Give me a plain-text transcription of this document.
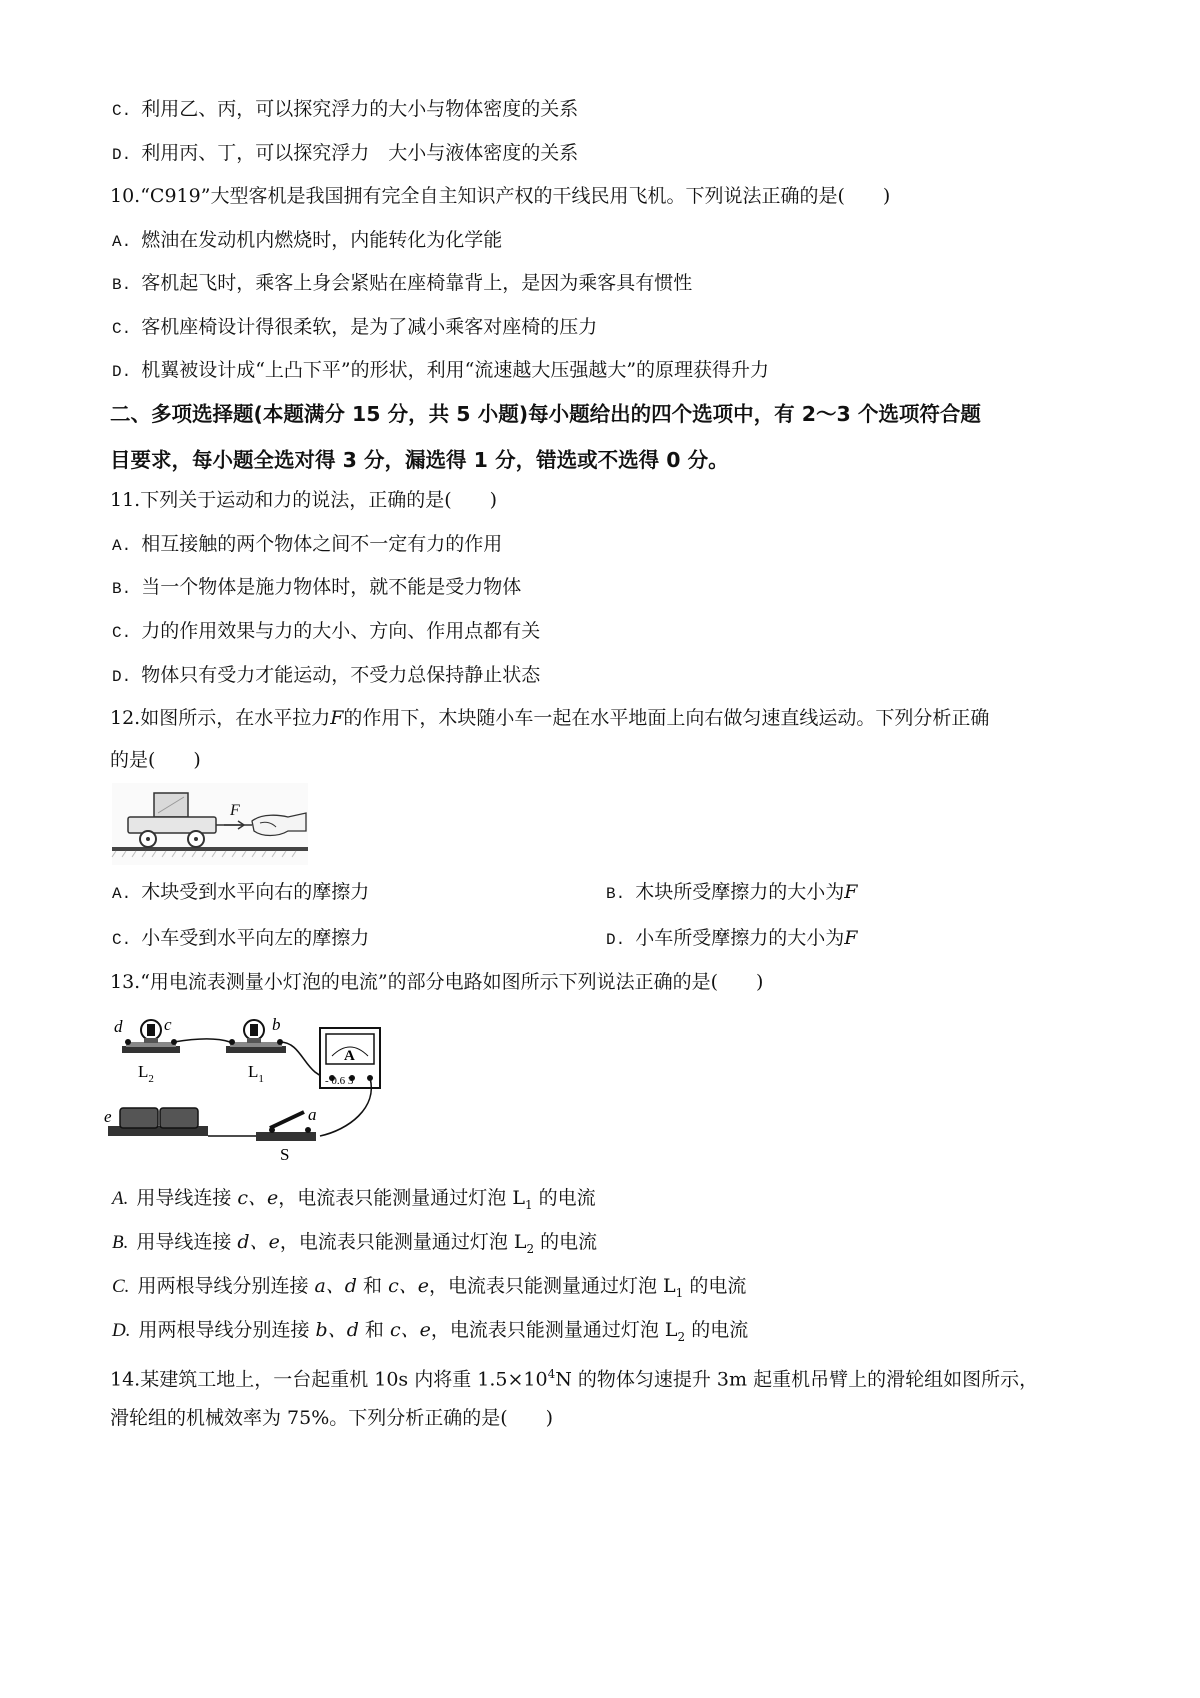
C. 利用乙、丙，可以探究浮力的大小与物体密度的关系
D. 利用丙、丁，可以探究浮力　大小与液体密度的关系
10.“C919”大型客机是我国拥有完全自主知识产权的干线民用飞机。下列说法正确的是(　　)
A. 燃油在发动机内燃烧时，内能转化为化学能
B. 客机起飞时，乘客上身会紧贴在座椅靠背上，是因为乘客具有惯性
C. 客机座椅设计得很柔软，是为了减小乘客对座椅的压力
D. 机翼被设计成“上凸下平”的形状，利用“流速越大压强越大”的原理获得升力
二、多项选择题(本题满分 15 分，共 5 小题)每小题给出的四个选项中，有 2～3 个选项符合题
目要求，每小题全选对得 3 分，漏选得 1 分，错选或不选得 0 分。
11.下列关于运动和力的说法，正确的是(　　)
A. 相互接触的两个物体之间不一定有力的作用
B. 当一个物体是施力物体时，就不能是受力物体
C. 力的作用效果与力的大小、方向、作用点都有关
D. 物体只有受力才能运动，不受力总保持静止状态
12.如图所示，在水平拉力F的作用下，木块随小车一起在水平地面上向右做匀速直线运动。下列分析正确
的是(　　)
F
A. 木块受到水平向右的摩擦力	B. 木块所受摩擦力的大小为F
C. 小车受到水平向左的摩擦力	D. 小车所受摩擦力的大小为F
13.“用电流表测量小灯泡的电流”的部分电路如图所示下列说法正确的是(　　)
d c
$L_2$
b
$L_1$
A
- 0.6 3
e	a
S
A. 用导线连接 c、e，电流表只能测量通过灯泡 $L_1$ 的电流
B. 用导线连接 d、e，电流表只能测量通过灯泡 $L_2$ 的电流
C. 用两根导线分别连接 a、d 和 c、e，电流表只能测量通过灯泡 $L_1$ 的电流
D. 用两根导线分别连接 b、d 和 c、e，电流表只能测量通过灯泡 $L_2$ 的电流
14.某建筑工地上，一台起重机 10s 内将重 $1.5\times 10^4N$ 的物体匀速提升 3m 起重机吊臂上的滑轮组如图所示，
滑轮组的机械效率为 75%。下列分析正确的是(　　)
